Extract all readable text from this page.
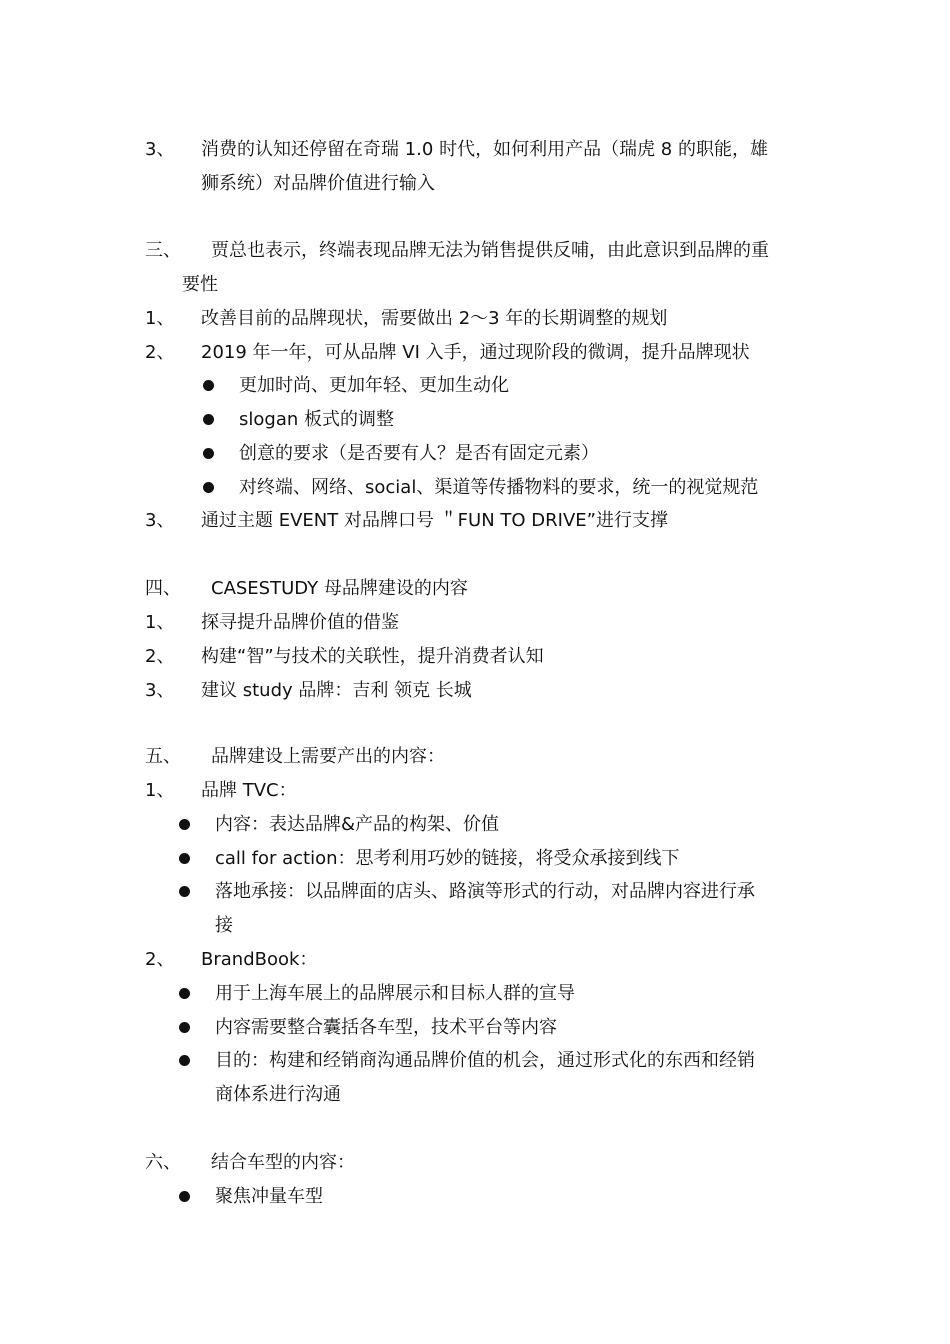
3、 消费的认知还停留在奇瑞 1.0 时代，如何利用产品（瑞虎 8 的职能，雄
狮系统）对品牌价值进行输入
三、 贾总也表示，终端表现品牌无法为销售提供反哺，由此意识到品牌的重
要性
1、 改善目前的品牌现状，需要做出 2～3 年的长期调整的规划
2、 2019 年一年，可从品牌 VI 入手，通过现阶段的微调，提升品牌现状
更加时尚、更加年轻、更加生动化
slogan 板式的调整
创意的要求（是否要有人？是否有固定元素）
对终端、网络、social、渠道等传播物料的要求，统一的视觉规范
3、 通过主题 EVENT 对品牌口号 ＂FUN TO DRIVE”进行支撑
四、 CASESTUDY 母品牌建设的内容
1、 探寻提升品牌价值的借鉴
2、 构建“智”与技术的关联性，提升消费者认知
3、 建议 study 品牌：吉利 领克 长城
五、 品牌建设上需要产出的内容：
1、 品牌 TVC：
内容：表达品牌&产品的构架、价值
call for action：思考利用巧妙的链接，将受众承接到线下
落地承接：以品牌面的店头、路演等形式的行动，对品牌内容进行承
接
2、 BrandBook：
用于上海车展上的品牌展示和目标人群的宣导
内容需要整合囊括各车型，技术平台等内容
目的：构建和经销商沟通品牌价值的机会，通过形式化的东西和经销
商体系进行沟通
六、 结合车型的内容：
聚焦冲量车型
